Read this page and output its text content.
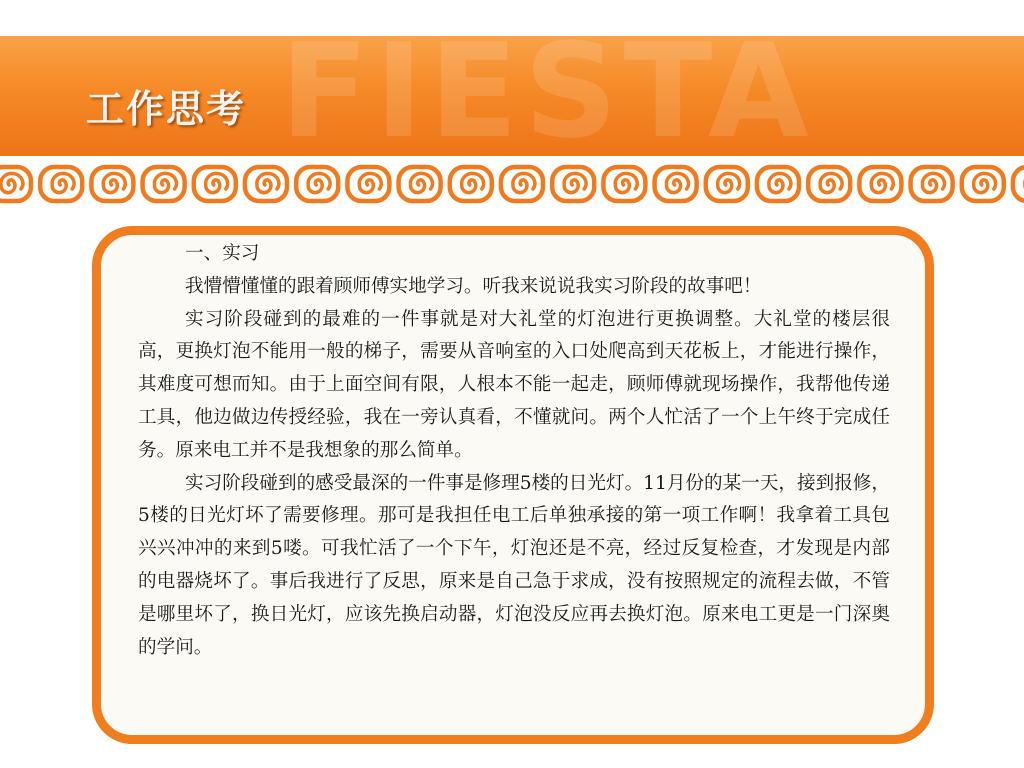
FIESTA
工作思考

一、实习

我懵懵懂懂的跟着顾师傅实地学习。听我来说说我实习阶段的故事吧！

实习阶段碰到的最难的一件事就是对大礼堂的灯泡进行更换调整。大礼堂的楼层很高，更换灯泡不能用一般的梯子，需要从音响室的入口处爬高到天花板上，才能进行操作，其难度可想而知。由于上面空间有限，人根本不能一起走，顾师傅就现场操作，我帮他传递工具，他边做边传授经验，我在一旁认真看，不懂就问。两个人忙活了一个上午终于完成任务。原来电工并不是我想象的那么简单。

实习阶段碰到的感受最深的一件事是修理5楼的日光灯。11月份的某一天，接到报修，5楼的日光灯坏了需要修理。那可是我担任电工后单独承接的第一项工作啊！我拿着工具包兴兴冲冲的来到5喽。可我忙活了一个下午，灯泡还是不亮，经过反复检查，才发现是内部的电器烧坏了。事后我进行了反思，原来是自己急于求成，没有按照规定的流程去做，不管是哪里坏了，换日光灯，应该先换启动器，灯泡没反应再去换灯泡。原来电工更是一门深奥的学问。
